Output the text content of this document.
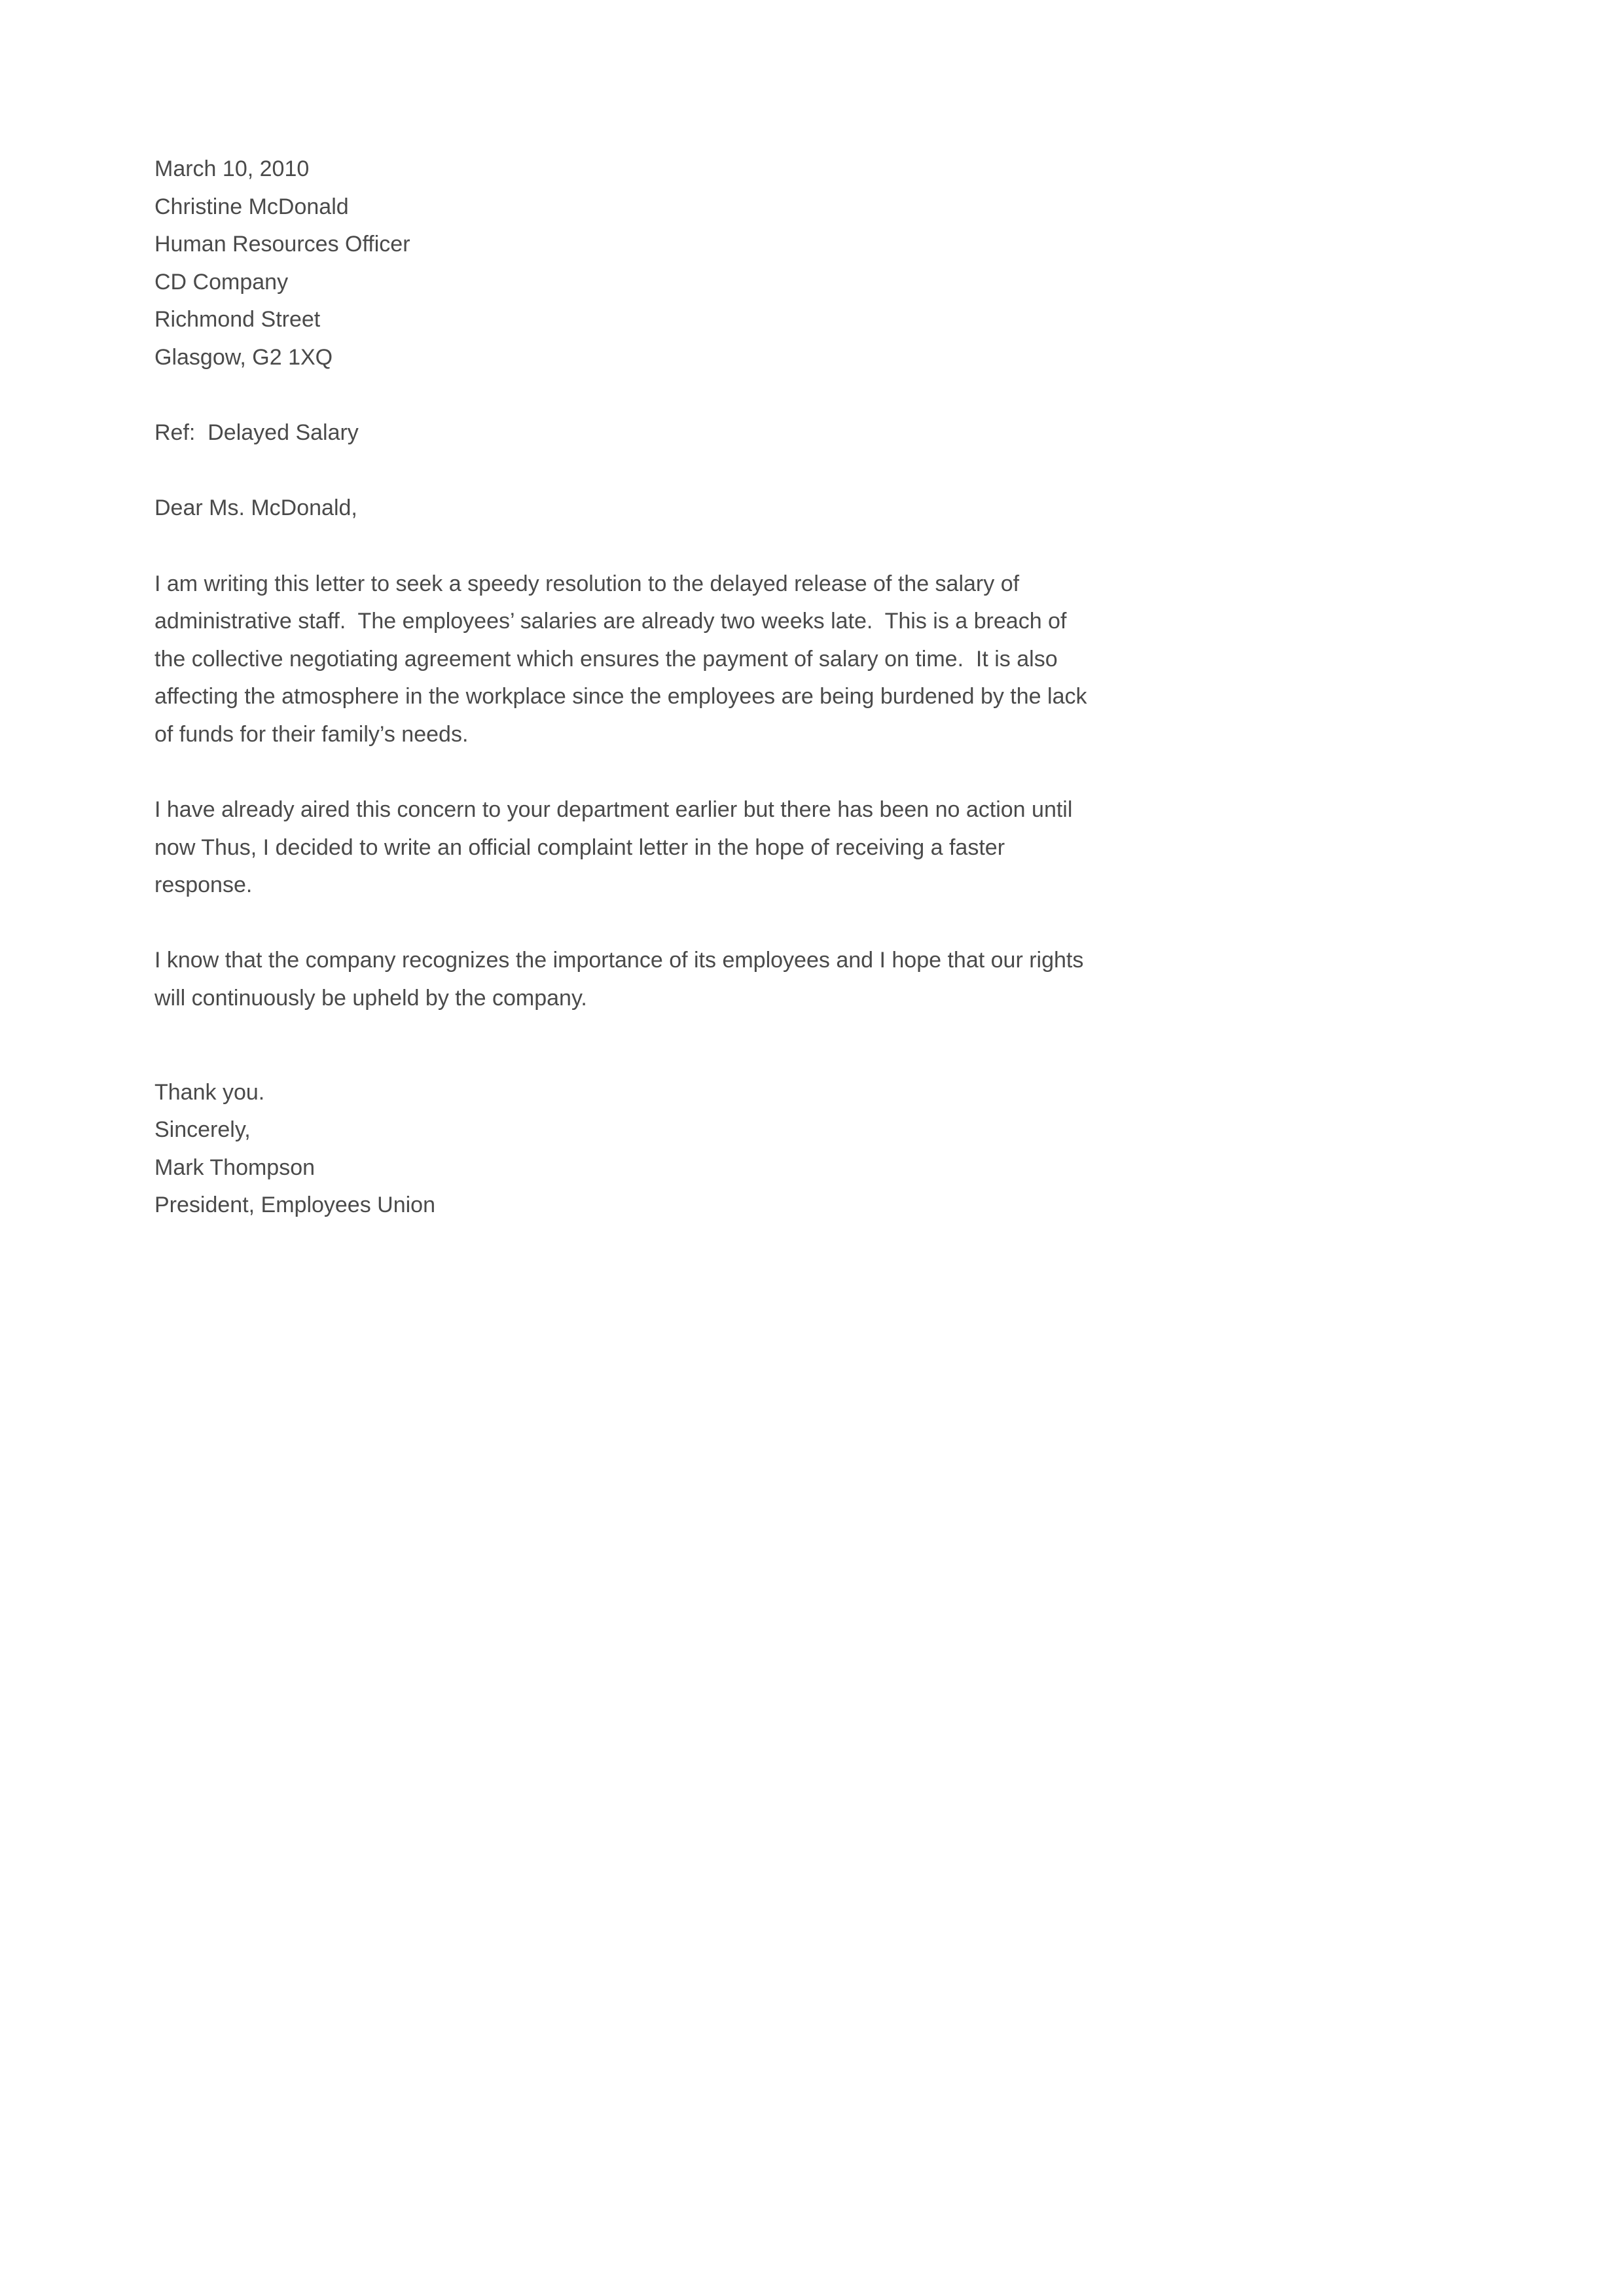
March 10, 2010
Christine McDonald
Human Resources Officer
CD Company
Richmond Street
Glasgow, G2 1XQ
Ref:  Delayed Salary
Dear Ms. McDonald,
I am writing this letter to seek a speedy resolution to the delayed release of the salary of
administrative staff.  The employees’ salaries are already two weeks late.  This is a breach of
the collective negotiating agreement which ensures the payment of salary on time.  It is also
affecting the atmosphere in the workplace since the employees are being burdened by the lack
of funds for their family’s needs.
I have already aired this concern to your department earlier but there has been no action until
now Thus, I decided to write an official complaint letter in the hope of receiving a faster
response.
I know that the company recognizes the importance of its employees and I hope that our rights
will continuously be upheld by the company.
Thank you.
Sincerely,
Mark Thompson
President, Employees Union
